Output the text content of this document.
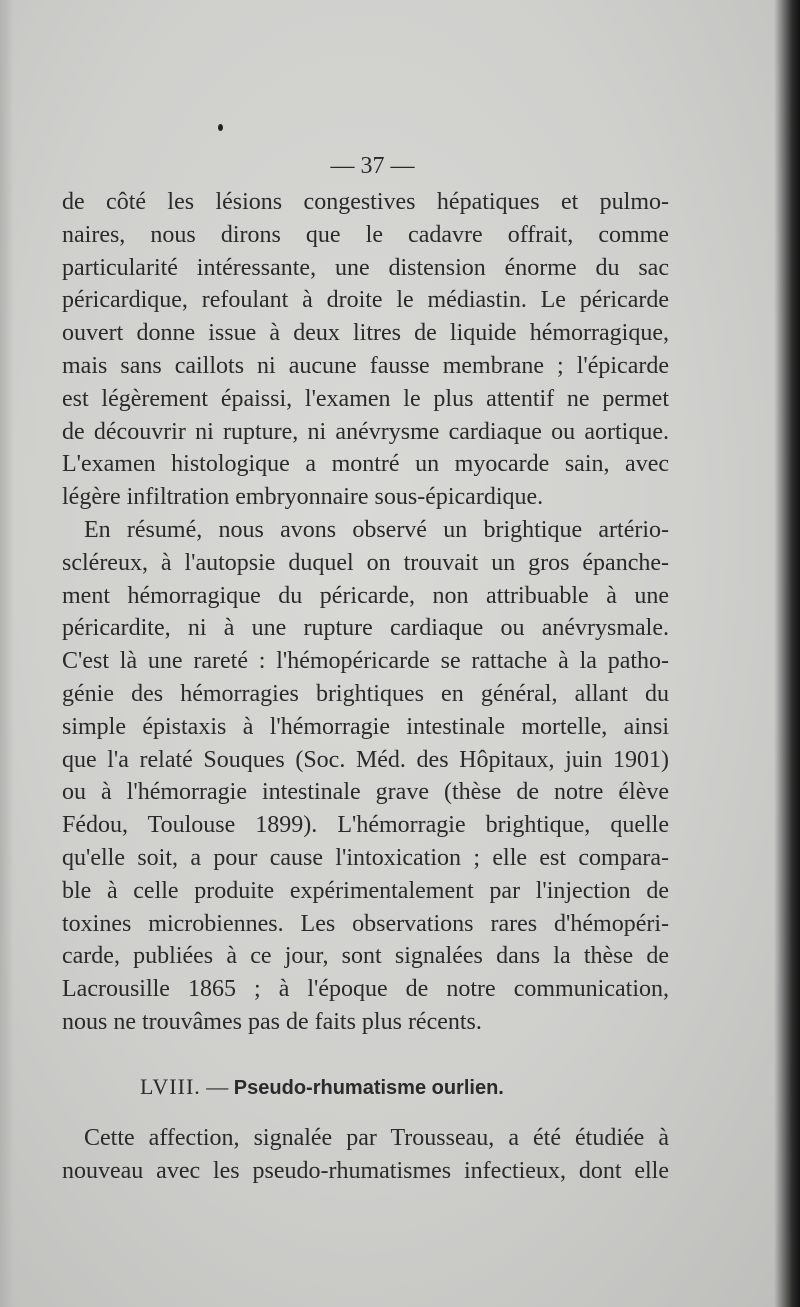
— 37 —

de côté les lésions congestives hépatiques et pulmo-
naires, nous dirons que le cadavre offrait, comme
particularité intéressante, une distension énorme du sac
péricardique, refoulant à droite le médiastin. Le péricarde
ouvert donne issue à deux litres de liquide hémorragique,
mais sans caillots ni aucune fausse membrane ; l'épicarde
est légèrement épaissi, l'examen le plus attentif ne permet
de découvrir ni rupture, ni anévrysme cardiaque ou aortique.
L'examen histologique a montré un myocarde sain, avec
légère infiltration embryonnaire sous-épicardique.

En résumé, nous avons observé un brightique artério-
scléreux, à l'autopsie duquel on trouvait un gros épanche-
ment hémorragique du péricarde, non attribuable à une
péricardite, ni à une rupture cardiaque ou anévrysmale.
C'est là une rareté : l'hémopéricarde se rattache à la patho-
génie des hémorragies brightiques en général, allant du
simple épistaxis à l'hémorragie intestinale mortelle, ainsi
que l'a relaté Souques (Soc. Méd. des Hôpitaux, juin 1901)
ou à l'hémorragie intestinale grave (thèse de notre élève
Fédou, Toulouse 1899). L'hémorragie brightique, quelle
qu'elle soit, a pour cause l'intoxication ; elle est compara-
ble à celle produite expérimentalement par l'injection de
toxines microbiennes. Les observations rares d'hémopéri-
carde, publiées à ce jour, sont signalées dans la thèse de
Lacrousille 1865 ; à l'époque de notre communication,
nous ne trouvâmes pas de faits plus récents.

LVIII. — Pseudo-rhumatisme ourlien.

Cette affection, signalée par Trousseau, a été étudiée à
nouveau avec les pseudo-rhumatismes infectieux, dont elle
